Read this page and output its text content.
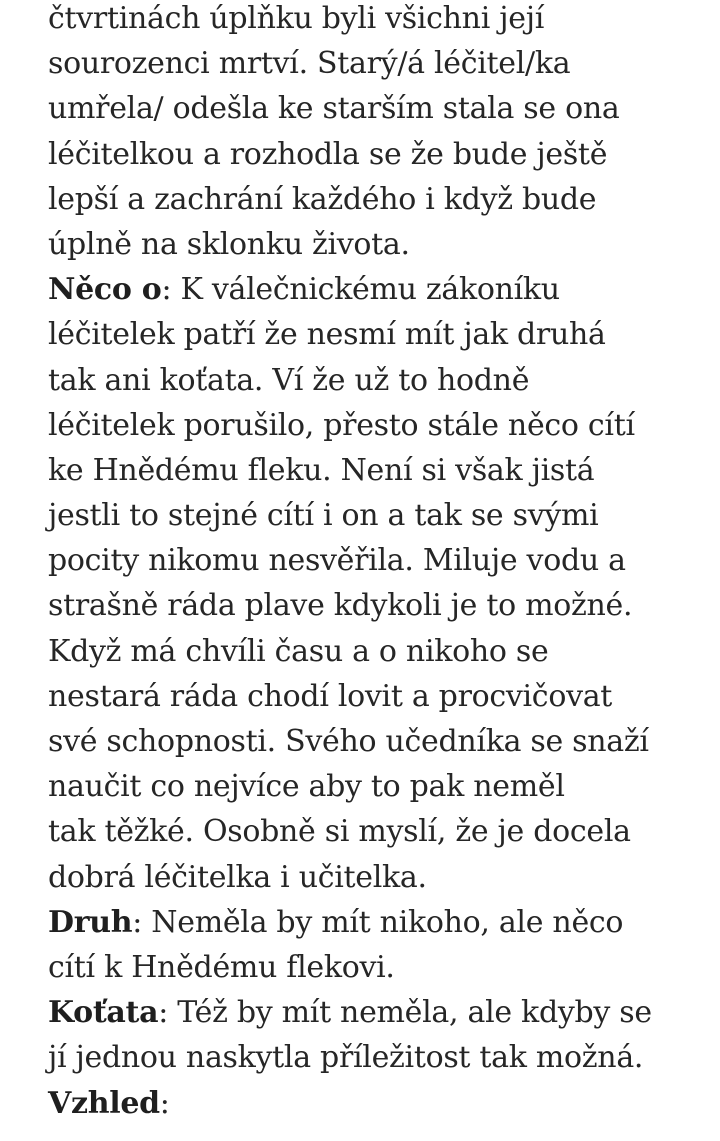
čtvrtinách úplňku byli všichni její
sourozenci mrtví. Starý/á léčitel/ka
umřela/ odešla ke starším stala se ona
léčitelkou a rozhodla se že bude ještě
lepší a zachrání každého i když bude
úplně na sklonku života.
Něco o: K válečnickému zákoníku
léčitelek patří že nesmí mít jak druhá
tak ani koťata. Ví že už to hodně
léčitelek porušilo, přesto stále něco cítí
ke Hnědému fleku. Není si však jistá
jestli to stejné cítí i on a tak se svými
pocity nikomu nesvěřila. Miluje vodu a
strašně ráda plave kdykoli je to možné.
Když má chvíli času a o nikoho se
nestará ráda chodí lovit a procvičovat
své schopnosti. Svého učedníka se snaží
naučit co nejvíce aby to pak neměl
tak těžké. Osobně si myslí, že je docela
dobrá léčitelka i učitelka.
Druh: Neměla by mít nikoho, ale něco
cítí k Hnědému flekovi.
Koťata: Též by mít neměla, ale kdyby se
jí jednou naskytla příležitost tak možná.
Vzhled:
